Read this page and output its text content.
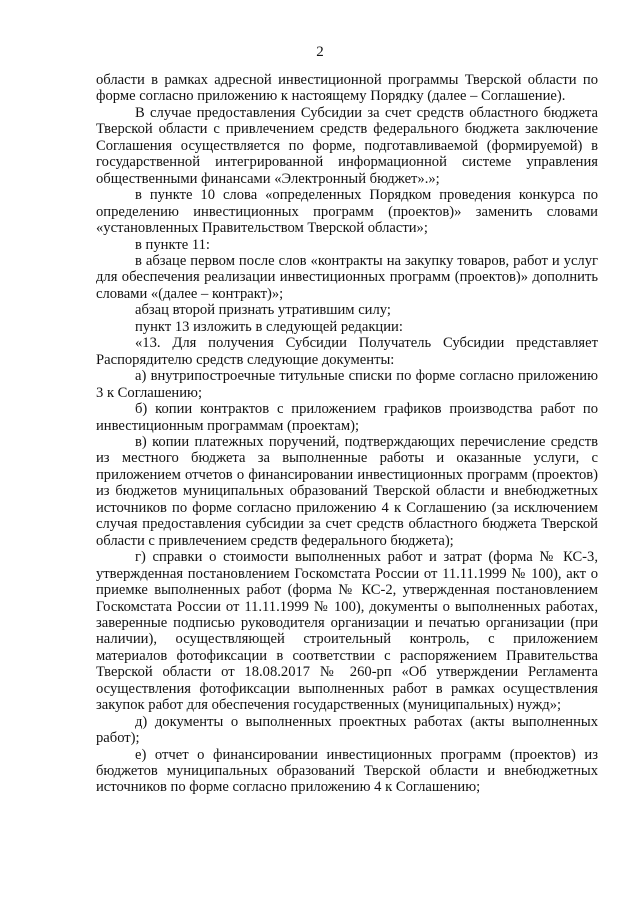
2

области в рамках адресной инвестиционной программы Тверской области по форме согласно приложению к настоящему Порядку (далее – Соглашение).

В случае предоставления Субсидии за счет средств областного бюджета Тверской области с привлечением средств федерального бюджета заключение Соглашения осуществляется по форме, подготавливаемой (формируемой) в государственной интегрированной информационной системе управления общественными финансами «Электронный бюджет».»;

в пункте 10 слова «определенных Порядком проведения конкурса по определению инвестиционных программ (проектов)» заменить словами «установленных Правительством Тверской области»;

в пункте 11:

в абзаце первом после слов «контракты на закупку товаров, работ и услуг для обеспечения реализации инвестиционных программ (проектов)» дополнить словами «(далее – контракт)»;

абзац второй признать утратившим силу;

пункт 13 изложить в следующей редакции:

«13. Для получения Субсидии Получатель Субсидии представляет Распорядителю средств следующие документы:

а) внутрипостроечные титульные списки по форме согласно приложению 3 к Соглашению;

б) копии контрактов с приложением графиков производства работ по инвестиционным программам (проектам);

в) копии платежных поручений, подтверждающих перечисление средств из местного бюджета за выполненные работы и оказанные услуги, с приложением отчетов о финансировании инвестиционных программ (проектов) из бюджетов муниципальных образований Тверской области и внебюджетных источников по форме согласно приложению 4 к Соглашению (за исключением случая предоставления субсидии за счет средств областного бюджета Тверской области с привлечением средств федерального бюджета);

г) справки о стоимости выполненных работ и затрат (форма № КС-3, утвержденная постановлением Госкомстата России от 11.11.1999 № 100), акт о приемке выполненных работ (форма № КС-2, утвержденная постановлением Госкомстата России от 11.11.1999 № 100), документы о выполненных работах, заверенные подписью руководителя организации и печатью организации (при наличии), осуществляющей строительный контроль, с приложением материалов фотофиксации в соответствии с распоряжением Правительства Тверской области от 18.08.2017 № 260-рп «Об утверждении Регламента осуществления фотофиксации выполненных работ в рамках осуществления закупок работ для обеспечения государственных (муниципальных) нужд»;

д) документы о выполненных проектных работах (акты выполненных работ);

е) отчет о финансировании инвестиционных программ (проектов) из бюджетов муниципальных образований Тверской области и внебюджетных источников по форме согласно приложению 4 к Соглашению;
